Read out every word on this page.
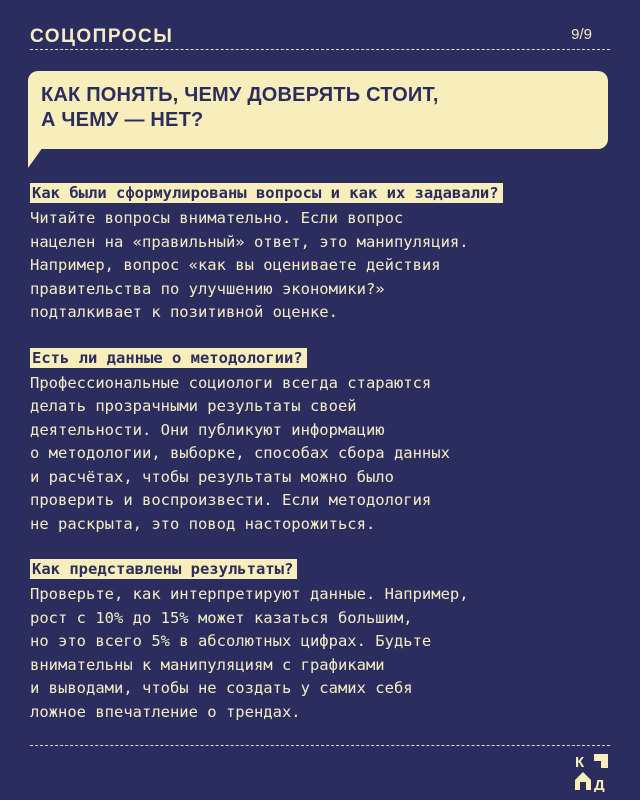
СОЦОПРОСЫ	9/9
КАК ПОНЯТЬ, ЧЕМУ ДОВЕРЯТЬ СТОИТ,
А ЧЕМУ — НЕТ?
Как были сформулированы вопросы и как их задавали?
Читайте вопросы внимательно. Если вопрос
нацелен на «правильный» ответ, это манипуляция.
Например, вопрос «как вы оцениваете действия
правительства по улучшению экономики?»
подталкивает к позитивной оценке.
Есть ли данные о методологии?
Профессиональные социологи всегда стараются
делать прозрачными результаты своей
деятельности. Они публикуют информацию
о методологии, выборке, способах сбора данных
и расчётах, чтобы результаты можно было
проверить и воспроизвести. Если методология
не раскрыта, это повод насторожиться.
Как представлены результаты?
Проверьте, как интерпретируют данные. Например,
рост с 10% до 15% может казаться большим,
но это всего 5% в абсолютных цифрах. Будьте
внимательны к манипуляциям с графиками
и выводами, чтобы не создать у самих себя
ложное впечатление о трендах.
К
Д
